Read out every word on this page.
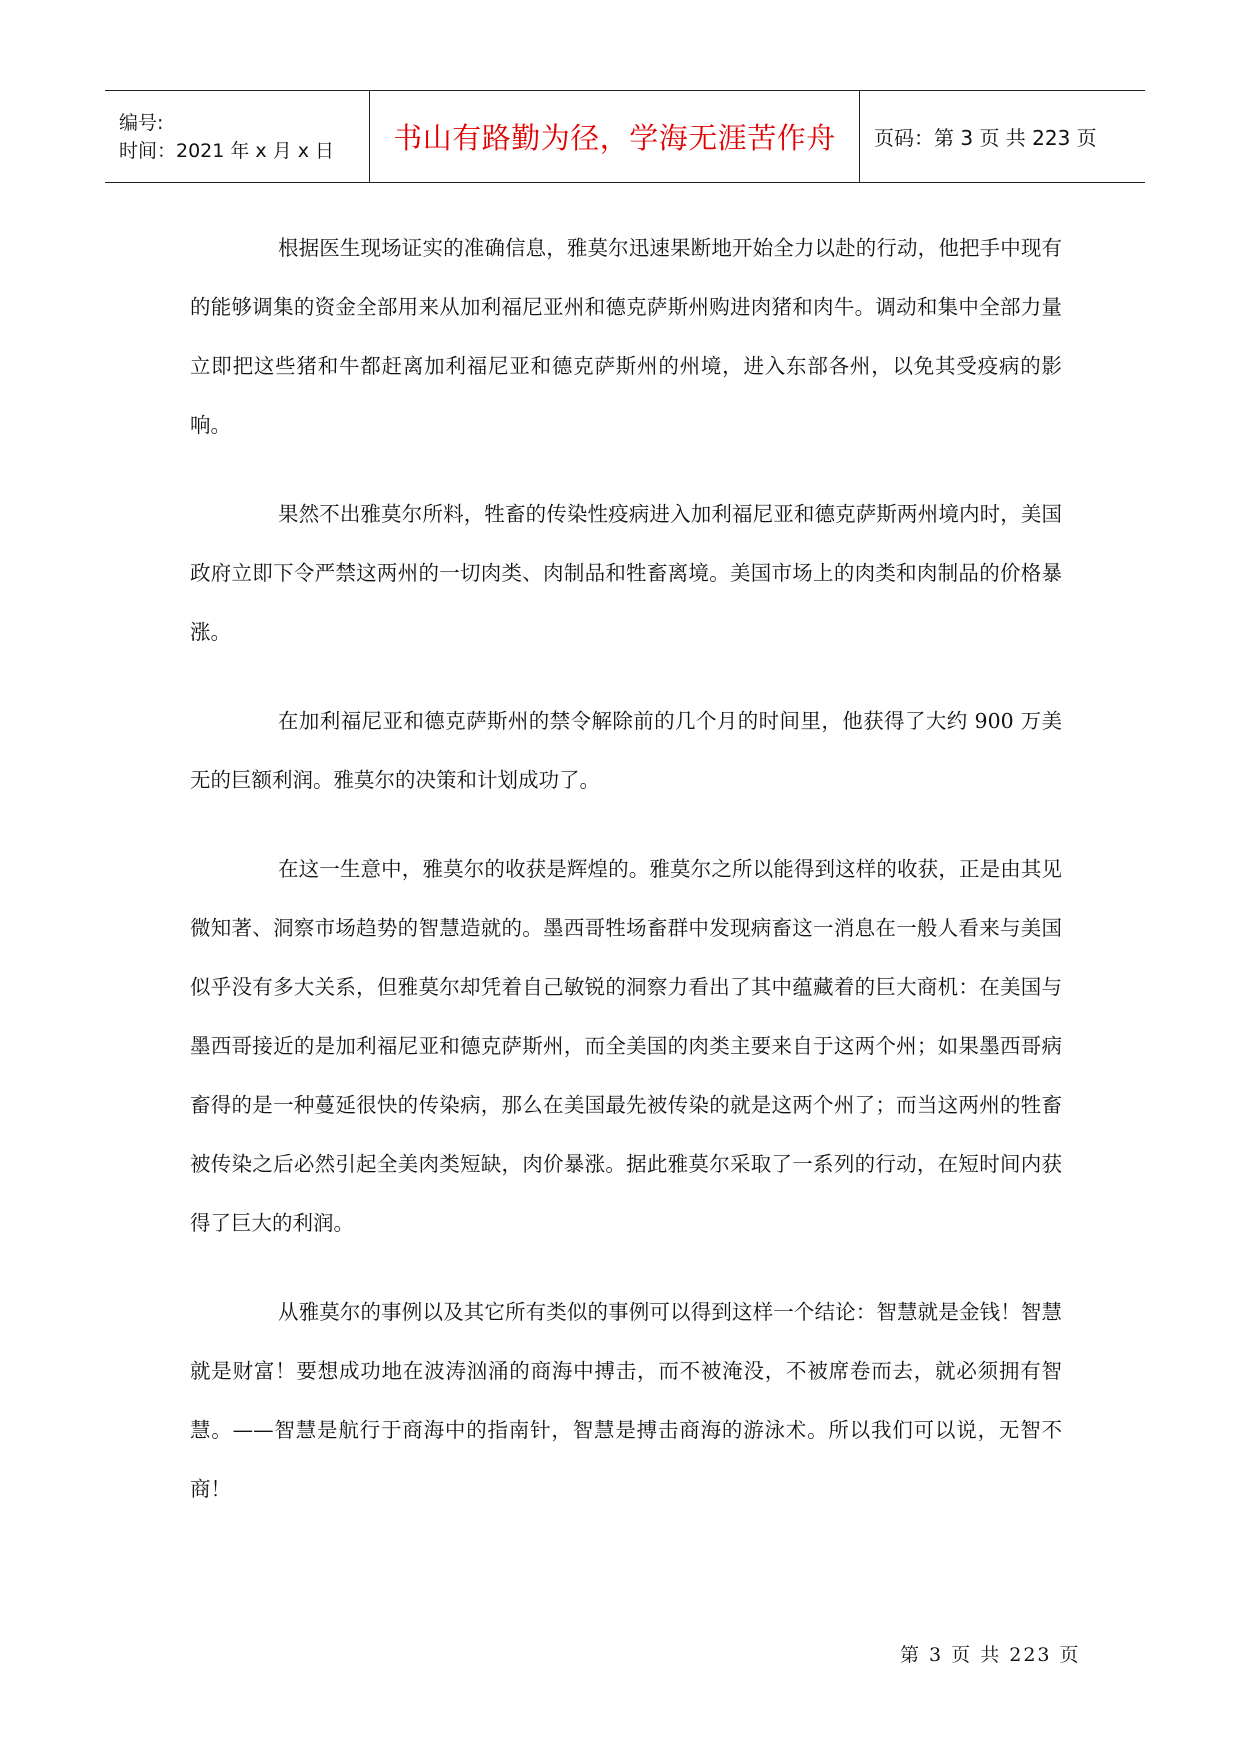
编号:
时间：2021 年 x 月 x 日	书山有路勤为径，学海无涯苦作舟	页码：第 3 页 共 223 页

根据医生现场证实的准确信息，雅莫尔迅速果断地开始全力以赴的行动，他把手中现有的能够调集的资金全部用来从加利福尼亚州和德克萨斯州购进肉猪和肉牛。调动和集中全部力量立即把这些猪和牛都赶离加利福尼亚和德克萨斯州的州境，进入东部各州，以免其受疫病的影响。

果然不出雅莫尔所料，牲畜的传染性疫病进入加利福尼亚和德克萨斯两州境内时，美国政府立即下令严禁这两州的一切肉类、肉制品和牲畜离境。美国市场上的肉类和肉制品的价格暴涨。

在加利福尼亚和德克萨斯州的禁令解除前的几个月的时间里，他获得了大约 900 万美无的巨额利润。雅莫尔的决策和计划成功了。

在这一生意中，雅莫尔的收获是辉煌的。雅莫尔之所以能得到这样的收获，正是由其见微知著、洞察市场趋势的智慧造就的。墨西哥牲场畜群中发现病畜这一消息在一般人看来与美国似乎没有多大关系，但雅莫尔却凭着自己敏锐的洞察力看出了其中蕴藏着的巨大商机：在美国与墨西哥接近的是加利福尼亚和德克萨斯州，而全美国的肉类主要来自于这两个州；如果墨西哥病畜得的是一种蔓延很快的传染病，那么在美国最先被传染的就是这两个州了；而当这两州的牲畜被传染之后必然引起全美肉类短缺，肉价暴涨。据此雅莫尔采取了一系列的行动，在短时间内获得了巨大的利润。

从雅莫尔的事例以及其它所有类似的事例可以得到这样一个结论：智慧就是金钱！智慧就是财富！要想成功地在波涛汹涌的商海中搏击，而不被淹没，不被席卷而去，就必须拥有智慧。——智慧是航行于商海中的指南针，智慧是搏击商海的游泳术。所以我们可以说，无智不商！

第 3 页 共 223 页
